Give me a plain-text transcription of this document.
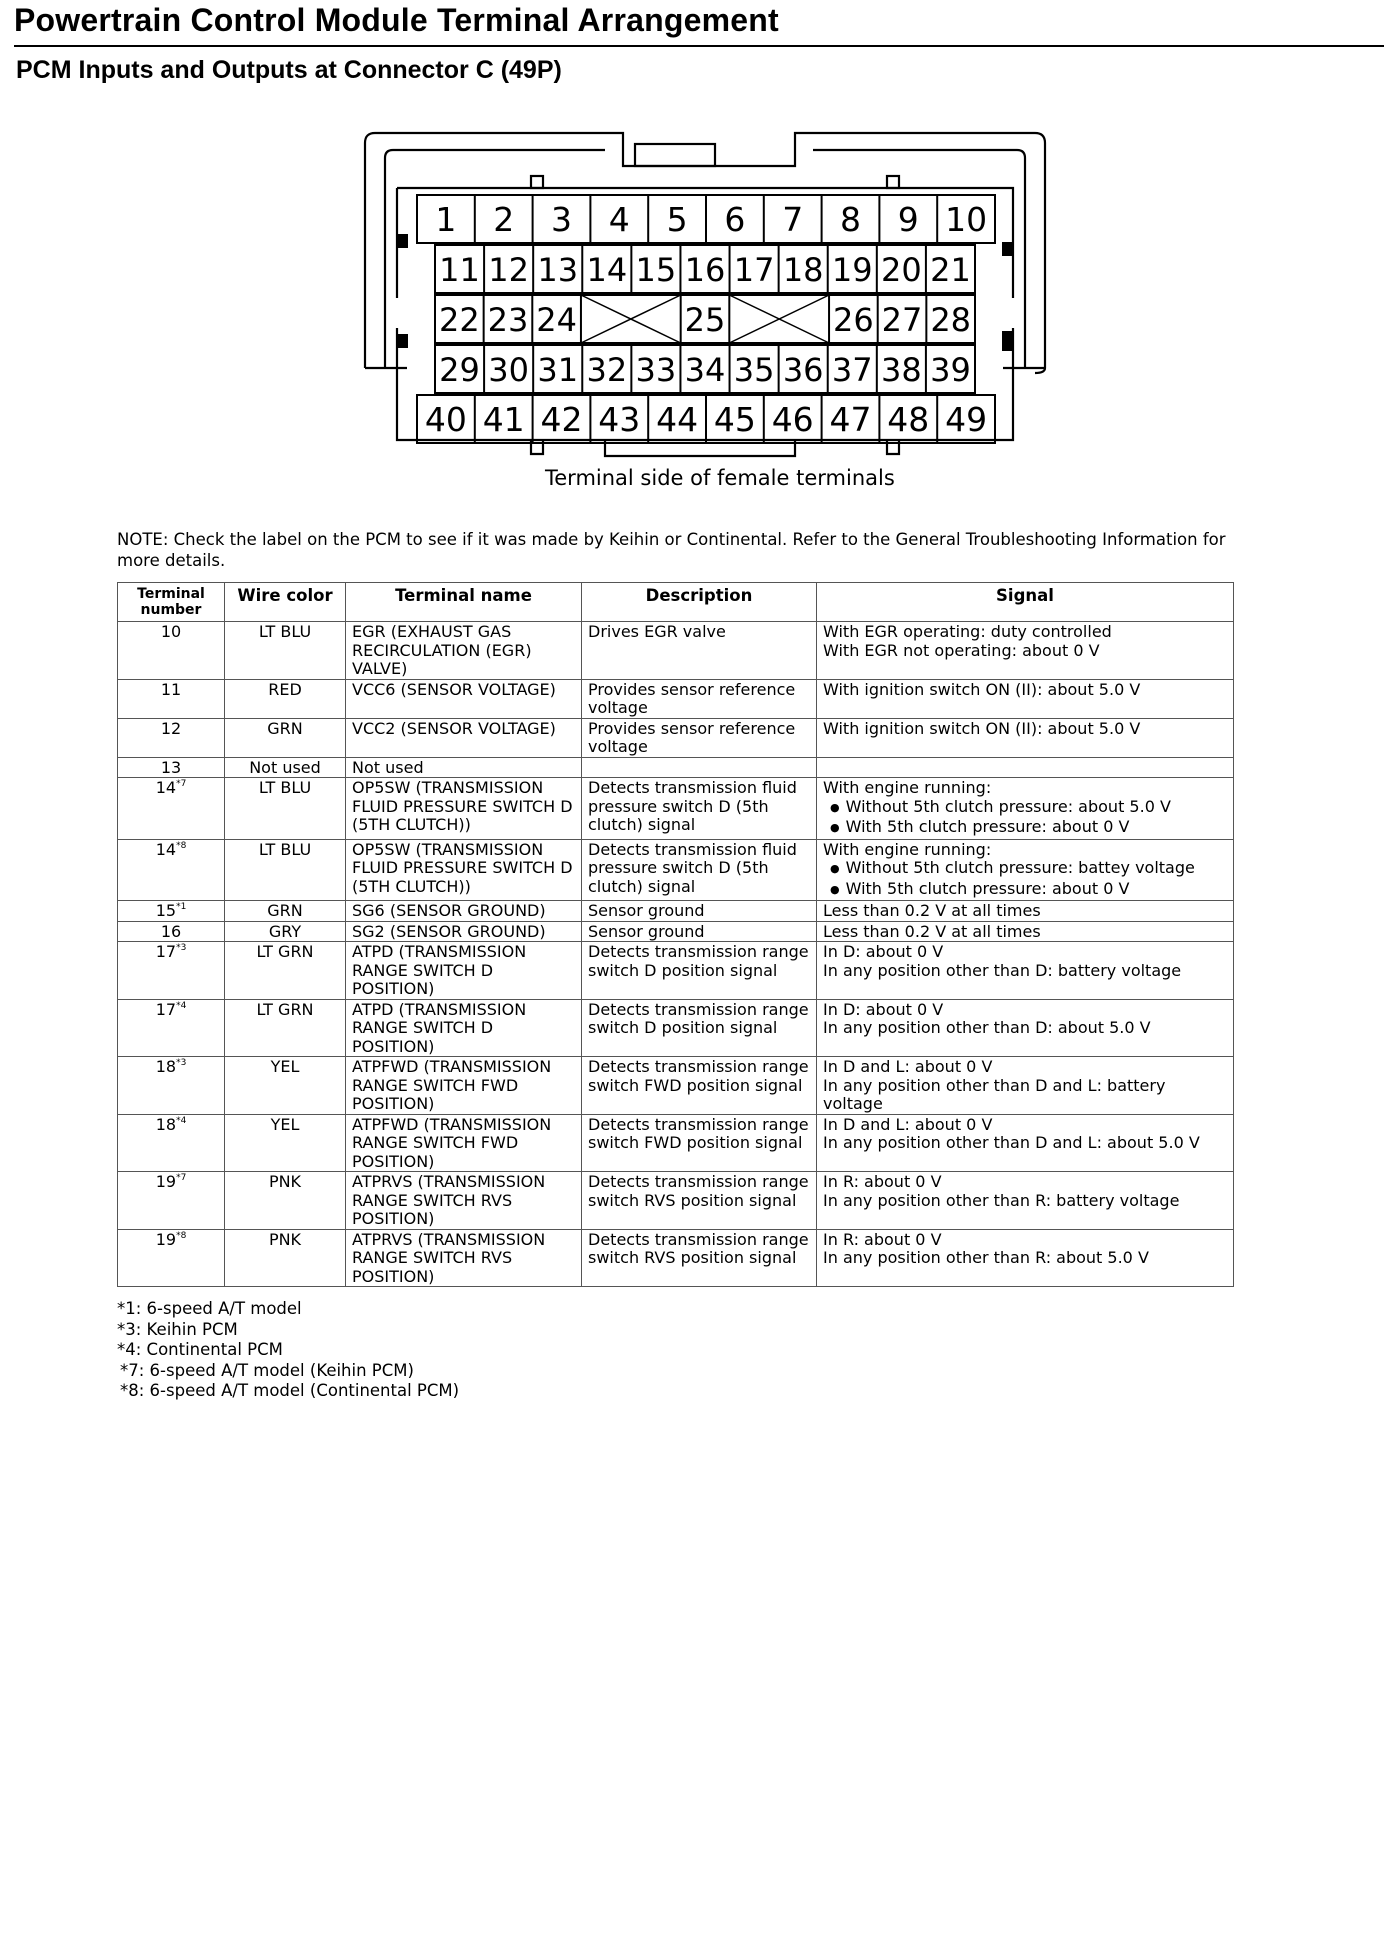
Powertrain Control Module Terminal Arrangement
PCM Inputs and Outputs at Connector C (49P)
1 2 3 4 5 6 7 8 9 10
11 12 13 14 15 16 17 18 19 20 21
22 23 24	25	26 27 28
29 30 31 32 33 34 35 36 37 38 39
40 41 42 43 44 45 46 47 48 49
Terminal side of female terminals
NOTE: Check the label on the PCM to see if it was made by Keihin or Continental. Refer to the General Troubleshooting Information for more details.
Terminal number	Wire color	Terminal name	Description	Signal
10	LT BLU	EGR (EXHAUST GAS RECIRCULATION (EGR) VALVE)	Drives EGR valve	With EGR operating: duty controlled
With EGR not operating: about 0 V

11	RED	VCC6 (SENSOR VOLTAGE)	Provides sensor reference voltage	With ignition switch ON (II): about 5.0 V

12	GRN	VCC2 (SENSOR VOLTAGE)	Provides sensor reference voltage	With ignition switch ON (II): about 5.0 V

13	Not used	Not used		
14$^{*7}$	LT BLU	OP5SW (TRANSMISSION FLUID PRESSURE SWITCH D (5TH CLUTCH))	Detects transmission fluid pressure switch D (5th clutch) signal	With engine running:
● Without 5th clutch pressure: about 5.0 V
● With 5th clutch pressure: about 0 V

14$^{*8}$	LT BLU	OP5SW (TRANSMISSION FLUID PRESSURE SWITCH D (5TH CLUTCH))	Detects transmission fluid pressure switch D (5th clutch) signal	With engine running:
● Without 5th clutch pressure: battey voltage
● With 5th clutch pressure: about 0 V

15$^{*1}$	GRN	SG6 (SENSOR GROUND)	Sensor ground	Less than 0.2 V at all times

16	GRY	SG2 (SENSOR GROUND)	Sensor ground	Less than 0.2 V at all times

17$^{*3}$	LT GRN	ATPD (TRANSMISSION RANGE SWITCH D POSITION)	Detects transmission range switch D position signal	In D: about 0 V
In any position other than D: battery voltage

17$^{*4}$	LT GRN	ATPD (TRANSMISSION RANGE SWITCH D POSITION)	Detects transmission range switch D position signal	In D: about 0 V
In any position other than D: about 5.0 V

18$^{*3}$	YEL	ATPFWD (TRANSMISSION RANGE SWITCH FWD POSITION)	Detects transmission range switch FWD position signal	In D and L: about 0 V
In any position other than D and L: battery voltage

18$^{*4}$	YEL	ATPFWD (TRANSMISSION RANGE SWITCH FWD POSITION)	Detects transmission range switch FWD position signal	In D and L: about 0 V
In any position other than D and L: about 5.0 V

19$^{*7}$	PNK	ATPRVS (TRANSMISSION RANGE SWITCH RVS POSITION)	Detects transmission range switch RVS position signal	In R: about 0 V
In any position other than R: battery voltage

19$^{*8}$	PNK	ATPRVS (TRANSMISSION RANGE SWITCH RVS POSITION)	Detects transmission range switch RVS position signal	In R: about 0 V
In any position other than R: about 5.0 V
*1: 6-speed A/T model
*3: Keihin PCM
*4: Continental PCM
*7: 6-speed A/T model (Keihin PCM)
*8: 6-speed A/T model (Continental PCM)
